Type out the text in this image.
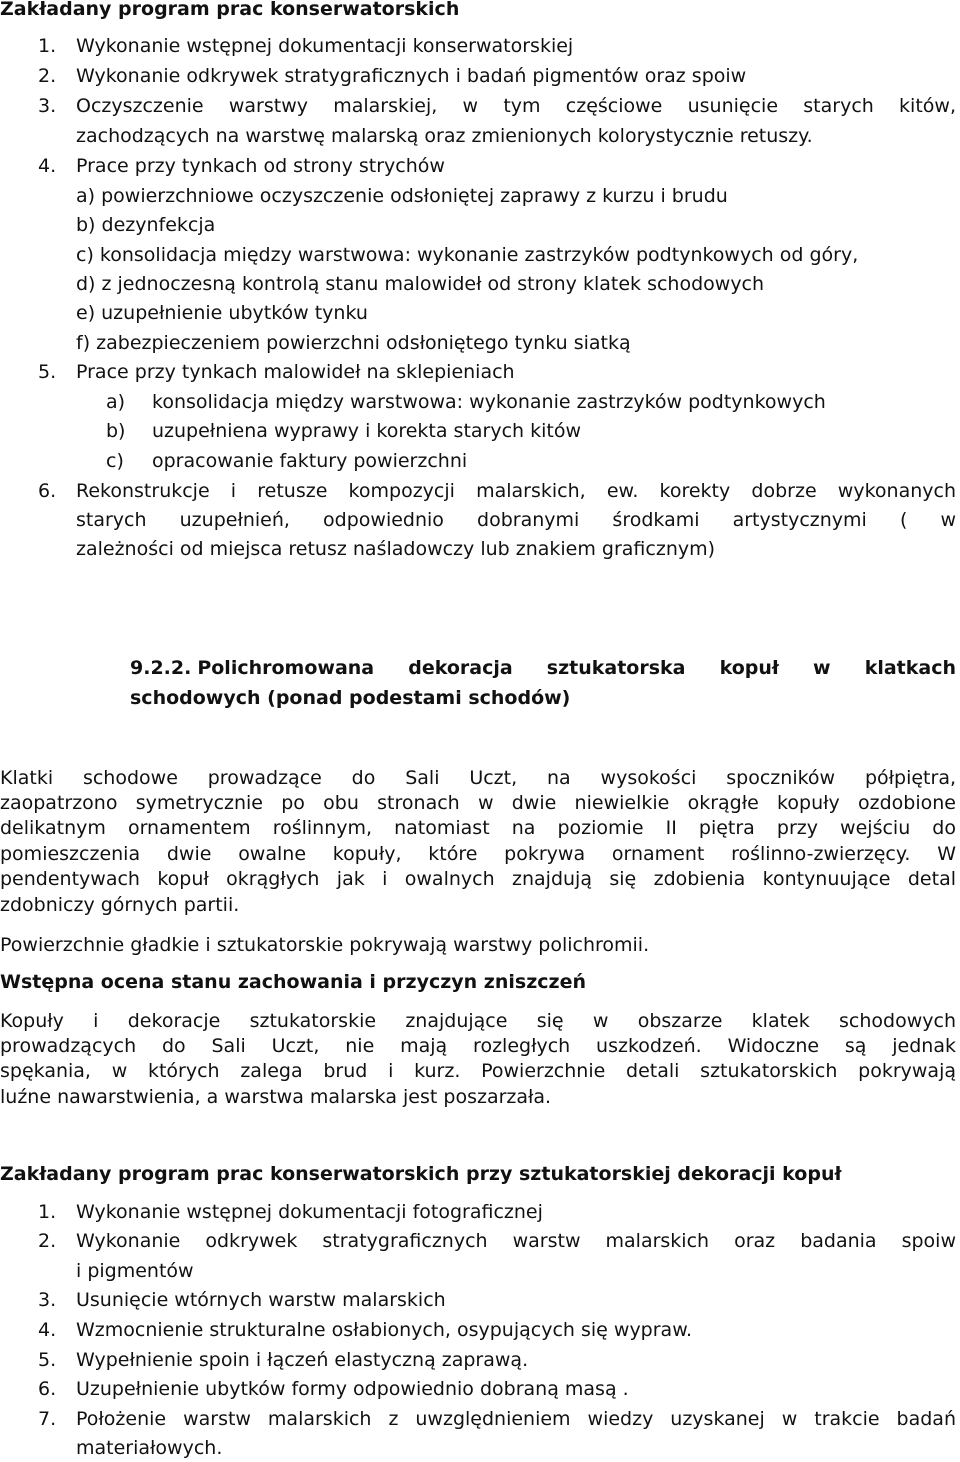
Zakładany program prac konserwatorskich
1. Wykonanie wstępnej dokumentacji konserwatorskiej
2. Wykonanie odkrywek stratygraficznych i badań pigmentów oraz spoiw
3. Oczyszczenie warstwy malarskiej, w tym częściowe usunięcie starych kitów,
zachodzących na warstwę malarską oraz zmienionych kolorystycznie retuszy.
4. Prace przy tynkach od strony strychów
a) powierzchniowe oczyszczenie odsłoniętej zaprawy z kurzu i brudu
b) dezynfekcja
c) konsolidacja między warstwowa: wykonanie zastrzyków podtynkowych od góry,
d) z jednoczesną kontrolą stanu malowideł od strony klatek schodowych
e) uzupełnienie ubytków tynku
f) zabezpieczeniem powierzchni odsłoniętego tynku siatką
5. Prace przy tynkach malowideł na sklepieniach
a) konsolidacja między warstwowa: wykonanie zastrzyków podtynkowych
b) uzupełniena wyprawy i korekta starych kitów
c) opracowanie faktury powierzchni
6. Rekonstrukcje i retusze kompozycji malarskich, ew. korekty dobrze wykonanych
starych uzupełnień, odpowiednio dobranymi środkami artystycznymi ( w
zależności od miejsca retusz naśladowczy lub znakiem graficznym)
9.2.2. Polichromowana dekoracja sztukatorska kopuł w klatkach
schodowych (ponad podestami schodów)
Klatki schodowe prowadzące do Sali Uczt, na wysokości spoczników półpiętra,
zaopatrzono symetrycznie po obu stronach w dwie niewielkie okrągłe kopuły ozdobione
delikatnym ornamentem roślinnym, natomiast na poziomie II piętra przy wejściu do
pomieszczenia dwie owalne kopuły, które pokrywa ornament roślinno-zwierzęcy. W
pendentywach kopuł okrągłych jak i owalnych znajdują się zdobienia kontynuujące detal
zdobniczy górnych partii.
Powierzchnie gładkie i sztukatorskie pokrywają warstwy polichromii.
Wstępna ocena stanu zachowania i przyczyn zniszczeń
Kopuły i dekoracje sztukatorskie znajdujące się w obszarze klatek schodowych
prowadzących do Sali Uczt, nie mają rozległych uszkodzeń. Widoczne są jednak
spękania, w których zalega brud i kurz. Powierzchnie detali sztukatorskich pokrywają
luźne nawarstwienia, a warstwa malarska jest poszarzała.
Zakładany program prac konserwatorskich przy sztukatorskiej dekoracji kopuł
1. Wykonanie wstępnej dokumentacji fotograficznej
2. Wykonanie odkrywek stratygraficznych warstw malarskich oraz badania spoiw
i pigmentów
3. Usunięcie wtórnych warstw malarskich
4. Wzmocnienie strukturalne osłabionych, osypujących się wypraw.
5. Wypełnienie spoin i łączeń elastyczną zaprawą.
6. Uzupełnienie ubytków formy odpowiednio dobraną masą .
7. Położenie warstw malarskich z uwzględnieniem wiedzy uzyskanej w trakcie badań
materiałowych.
